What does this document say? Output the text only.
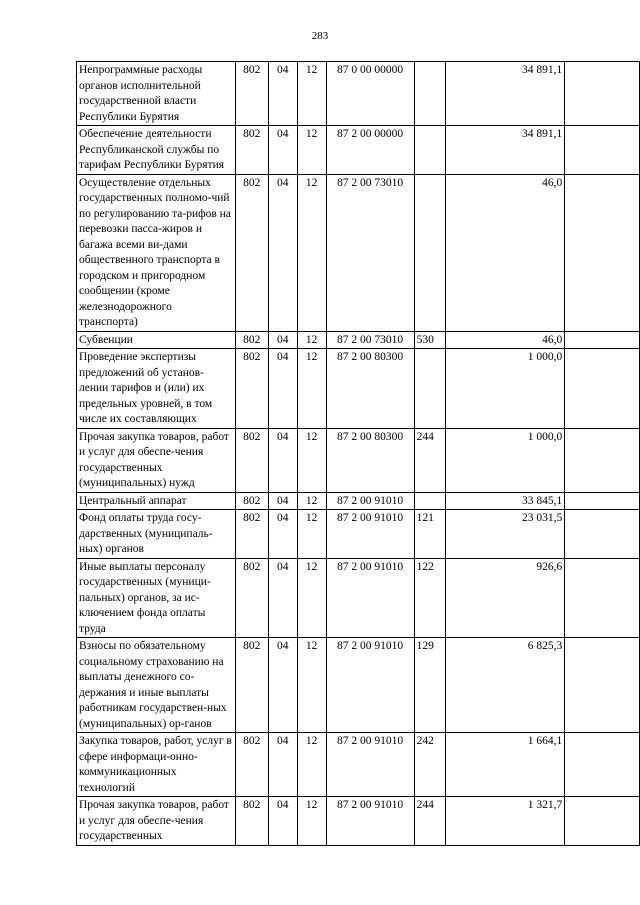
283
Непрограммные расходы органов исполнительной государственной власти Республики Бурятия	802	04	12	87 0 00 00000		34 891,1	
Обеспечение деятельности Республиканской службы по тарифам Республики Бурятия	802	04	12	87 2 00 00000		34 891,1	
Осуществление отдельных государственных полномо-чий по регулированию та-рифов на перевозки пасса-жиров и багажа всеми ви-дами общественного транспорта в городском и пригородном сообщении (кроме железнодорожного транспорта)	802	04	12	87 2 00 73010		46,0	
Субвенции	802	04	12	87 2 00 73010	530	46,0	
Проведение экспертизы предложений об установ-лении тарифов и (или) их предельных уровней, в том числе их составляющих	802	04	12	87 2 00 80300		1 000,0	
Прочая закупка товаров, работ и услуг для обеспе-чения государственных (муниципальных) нужд	802	04	12	87 2 00 80300	244	1 000,0	
Центральный аппарат	802	04	12	87 2 00 91010		33 845,1	
Фонд оплаты труда госу-дарственных (муниципаль-ных) органов	802	04	12	87 2 00 91010	121	23 031,5	
Иные выплаты персоналу государственных (муници-пальных) органов, за ис-ключением фонда оплаты труда	802	04	12	87 2 00 91010	122	926,6	
Взносы по обязательному социальному страхованию на выплаты денежного со-держания и иные выплаты работникам государствен-ных (муниципальных) ор-ганов	802	04	12	87 2 00 91010	129	6 825,3	
Закупка товаров, работ, услуг в сфере информаци-онно-коммуникационных технологий	802	04	12	87 2 00 91010	242	1 664,1	
Прочая закупка товаров, работ и услуг для обеспе-чения государственных	802	04	12	87 2 00 91010	244	1 321,7	
